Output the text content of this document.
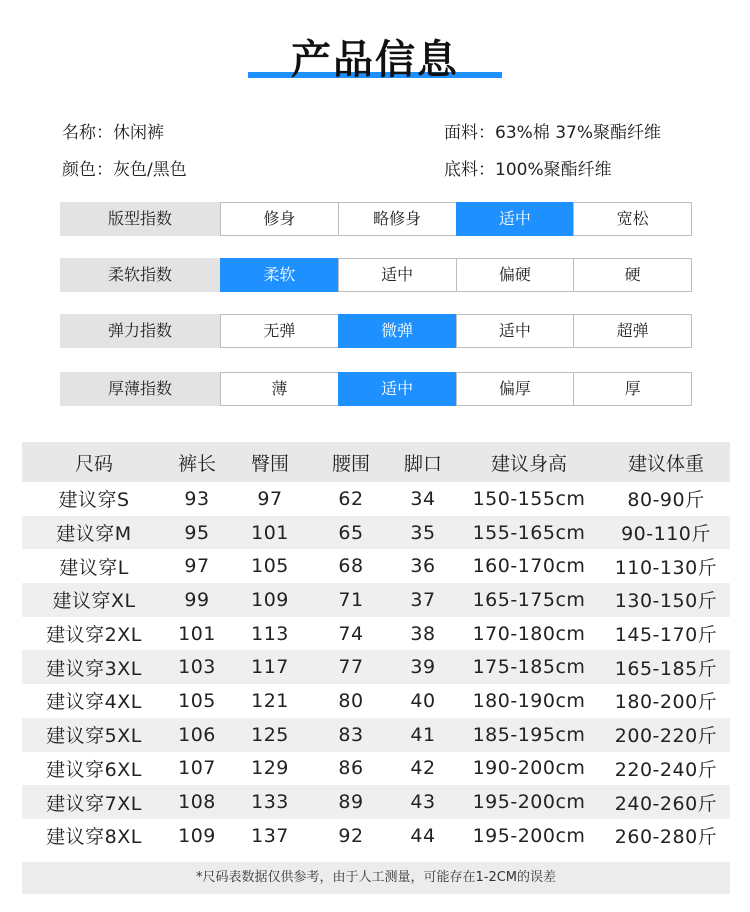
产品信息
名称：休闲裤
颜色：灰色/黑色
面料：63%棉 37%聚酯纤维
底料：100%聚酯纤维
版型指数	修身	略修身	适中	宽松
柔软指数	柔软	适中	偏硬	硬
弹力指数	无弹	微弹	适中	超弹
厚薄指数	薄	适中	偏厚	厚
尺码	裤长	臀围	腰围	脚口	建议身高	建议体重
建议穿S	93	97	62	34	150-155cm	80-90斤
建议穿M	95	101	65	35	155-165cm	90-110斤
建议穿L	97	105	68	36	160-170cm	110-130斤
建议穿XL	99	109	71	37	165-175cm	130-150斤
建议穿2XL	101	113	74	38	170-180cm	145-170斤
建议穿3XL	103	117	77	39	175-185cm	165-185斤
建议穿4XL	105	121	80	40	180-190cm	180-200斤
建议穿5XL	106	125	83	41	185-195cm	200-220斤
建议穿6XL	107	129	86	42	190-200cm	220-240斤
建议穿7XL	108	133	89	43	195-200cm	240-260斤
建议穿8XL	109	137	92	44	195-200cm	260-280斤
*尺码表数据仅供参考，由于人工测量，可能存在1-2CM的误差
